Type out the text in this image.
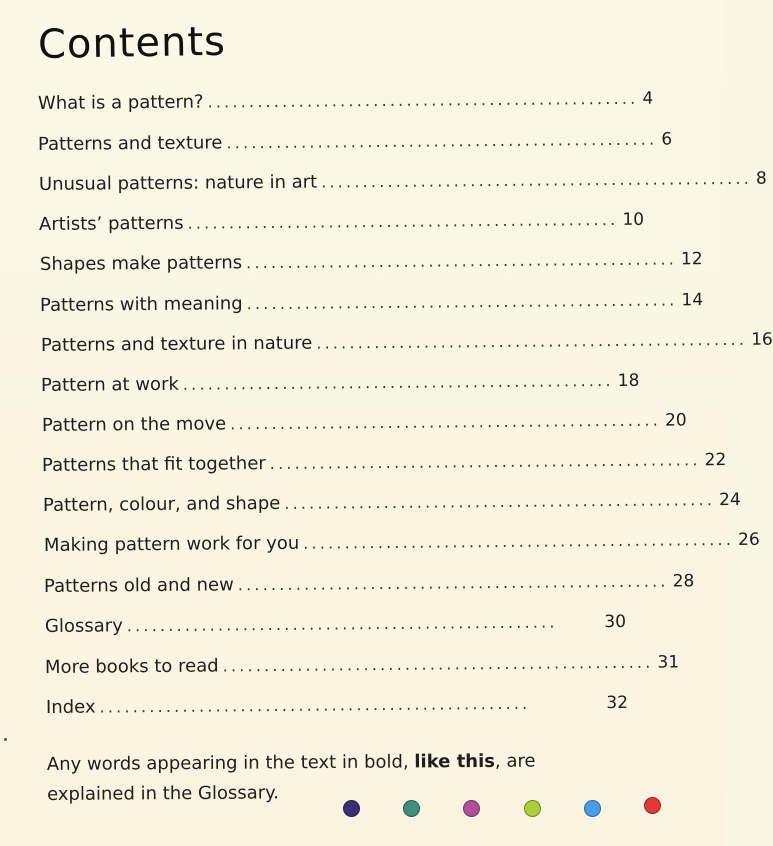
Contents
What is a pattern? .................................................... 4
Patterns and texture .................................................... 6
Unusual patterns: nature in art .................................................... 8
Artists’ patterns .................................................... 10
Shapes make patterns .................................................... 12
Patterns with meaning .................................................... 14
Patterns and texture in nature .................................................... 16
Pattern at work .................................................... 18
Pattern on the move .................................................... 20
Patterns that fit together .................................................... 22
Pattern, colour, and shape .................................................... 24
Making pattern work for you .................................................... 26
Patterns old and new .................................................... 28
Glossary ....................................................	30
More books to read .................................................... 31
Index ....................................................	32
Any words appearing in the text in bold, like this, are explained in the Glossary.
